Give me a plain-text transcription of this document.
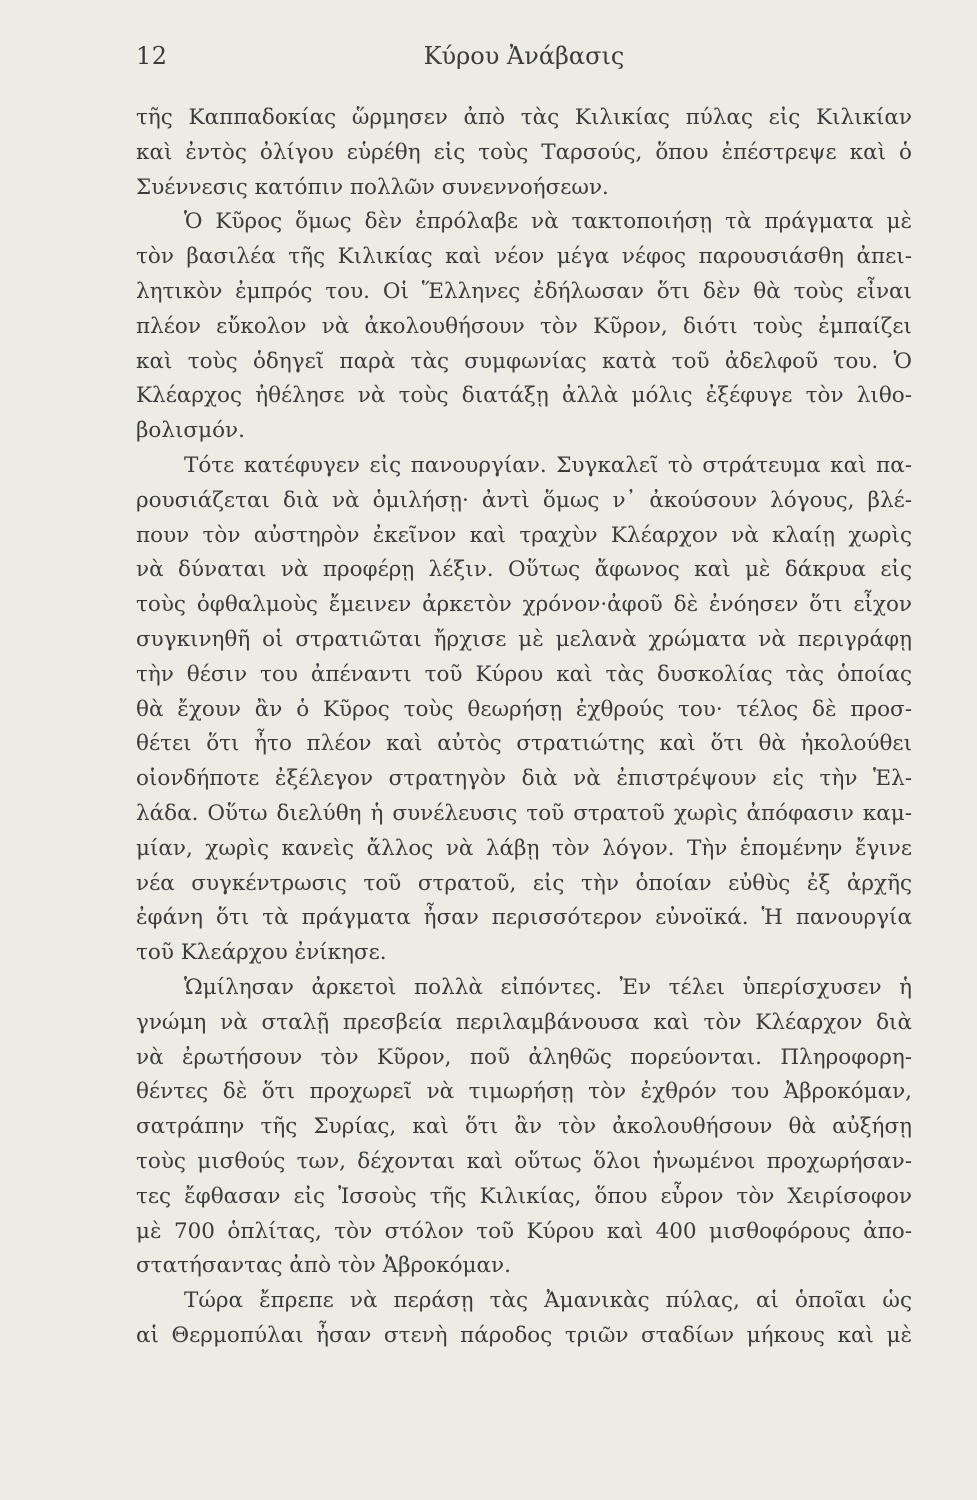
12	Κύρου Ἀνάβασις
τῆς Καππαδοκίας ὥρμησεν ἀπὸ τὰς Κιλικίας πύλας εἰς Κιλικίαν
καὶ ἐντὸς ὀλίγου εὑρέθη εἰς τοὺς Ταρσούς, ὅπου ἐπέστρεψε καὶ ὁ
Συέννεσις κατόπιν πολλῶν συνεννοήσεων.
Ὁ Κῦρος ὅμως δὲν ἐπρόλαβε νὰ τακτοποιήσῃ τὰ πράγματα μὲ
τὸν βασιλέα τῆς Κιλικίας καὶ νέον μέγα νέφος παρουσιάσθη ἀπει-
λητικὸν ἐμπρός του. Οἱ Ἕλληνες ἐδήλωσαν ὅτι δὲν θὰ τοὺς εἶναι
πλέον εὔκολον νὰ ἀκολουθήσουν τὸν Κῦρον, διότι τοὺς ἐμπαίζει
καὶ τοὺς ὁδηγεῖ παρὰ τὰς συμφωνίας κατὰ τοῦ ἀδελφοῦ του. Ὁ
Κλέαρχος ἠθέλησε νὰ τοὺς διατάξῃ ἀλλὰ μόλις ἐξέφυγε τὸν λιθο-
βολισμόν.
Τότε κατέφυγεν εἰς πανουργίαν. Συγκαλεῖ τὸ στράτευμα καὶ πα-
ρουσιάζεται διὰ νὰ ὁμιλήσῃ· ἀντὶ ὅμως ν᾽ ἀκούσουν λόγους, βλέ-
πουν τὸν αὐστηρὸν ἐκεῖνον καὶ τραχὺν Κλέαρχον νὰ κλαίῃ χωρὶς
νὰ δύναται νὰ προφέρῃ λέξιν. Οὕτως ἄφωνος καὶ μὲ δάκρυα εἰς
τοὺς ὀφθαλμοὺς ἔμεινεν ἀρκετὸν χρόνον·ἀφοῦ δὲ ἐνόησεν ὅτι εἶχον
συγκινηθῆ οἱ στρατιῶται ἤρχισε μὲ μελανὰ χρώματα νὰ περιγράφῃ
τὴν θέσιν του ἀπέναντι τοῦ Κύρου καὶ τὰς δυσκολίας τὰς ὁποίας
θὰ ἔχουν ἂν ὁ Κῦρος τοὺς θεωρήσῃ ἐχθρούς του· τέλος δὲ προσ-
θέτει ὅτι ἦτο πλέον καὶ αὐτὸς στρατιώτης καὶ ὅτι θὰ ἠκολούθει
οἱονδήποτε ἐξέλεγον στρατηγὸν διὰ νὰ ἐπιστρέψουν εἰς τὴν Ἑλ-
λάδα. Οὕτω διελύθη ἡ συνέλευσις τοῦ στρατοῦ χωρὶς ἀπόφασιν καμ-
μίαν, χωρὶς κανεὶς ἄλλος νὰ λάβῃ τὸν λόγον. Τὴν ἑπομένην ἔγινε
νέα συγκέντρωσις τοῦ στρατοῦ, εἰς τὴν ὁποίαν εὐθὺς ἐξ ἀρχῆς
ἐφάνη ὅτι τὰ πράγματα ἦσαν περισσότερον εὐνοϊκά. Ἡ πανουργία
τοῦ Κλεάρχου ἐνίκησε.
Ὡμίλησαν ἀρκετοὶ πολλὰ εἰπόντες. Ἐν τέλει ὑπερίσχυσεν ἡ
γνώμη νὰ σταλῇ πρεσβεία περιλαμβάνουσα καὶ τὸν Κλέαρχον διὰ
νὰ ἐρωτήσουν τὸν Κῦρον, ποῦ ἀληθῶς πορεύονται. Πληροφορη-
θέντες δὲ ὅτι προχωρεῖ νὰ τιμωρήσῃ τὸν ἐχθρόν του Ἀβροκόμαν,
σατράπην τῆς Συρίας, καὶ ὅτι ἂν τὸν ἀκολουθήσουν θὰ αὐξήσῃ
τοὺς μισθούς των, δέχονται καὶ οὕτως ὅλοι ἡνωμένοι προχωρήσαν-
τες ἔφθασαν εἰς Ἰσσοὺς τῆς Κιλικίας, ὅπου εὗρον τὸν Χειρίσοφον
μὲ 700 ὁπλίτας, τὸν στόλον τοῦ Κύρου καὶ 400 μισθοφόρους ἀπο-
στατήσαντας ἀπὸ τὸν Ἀβροκόμαν.
Τώρα ἔπρεπε νὰ περάσῃ τὰς Ἀμανικὰς πύλας, αἱ ὁποῖαι ὡς
αἱ Θερμοπύλαι ἦσαν στενὴ πάροδος τριῶν σταδίων μήκους καὶ μὲ
